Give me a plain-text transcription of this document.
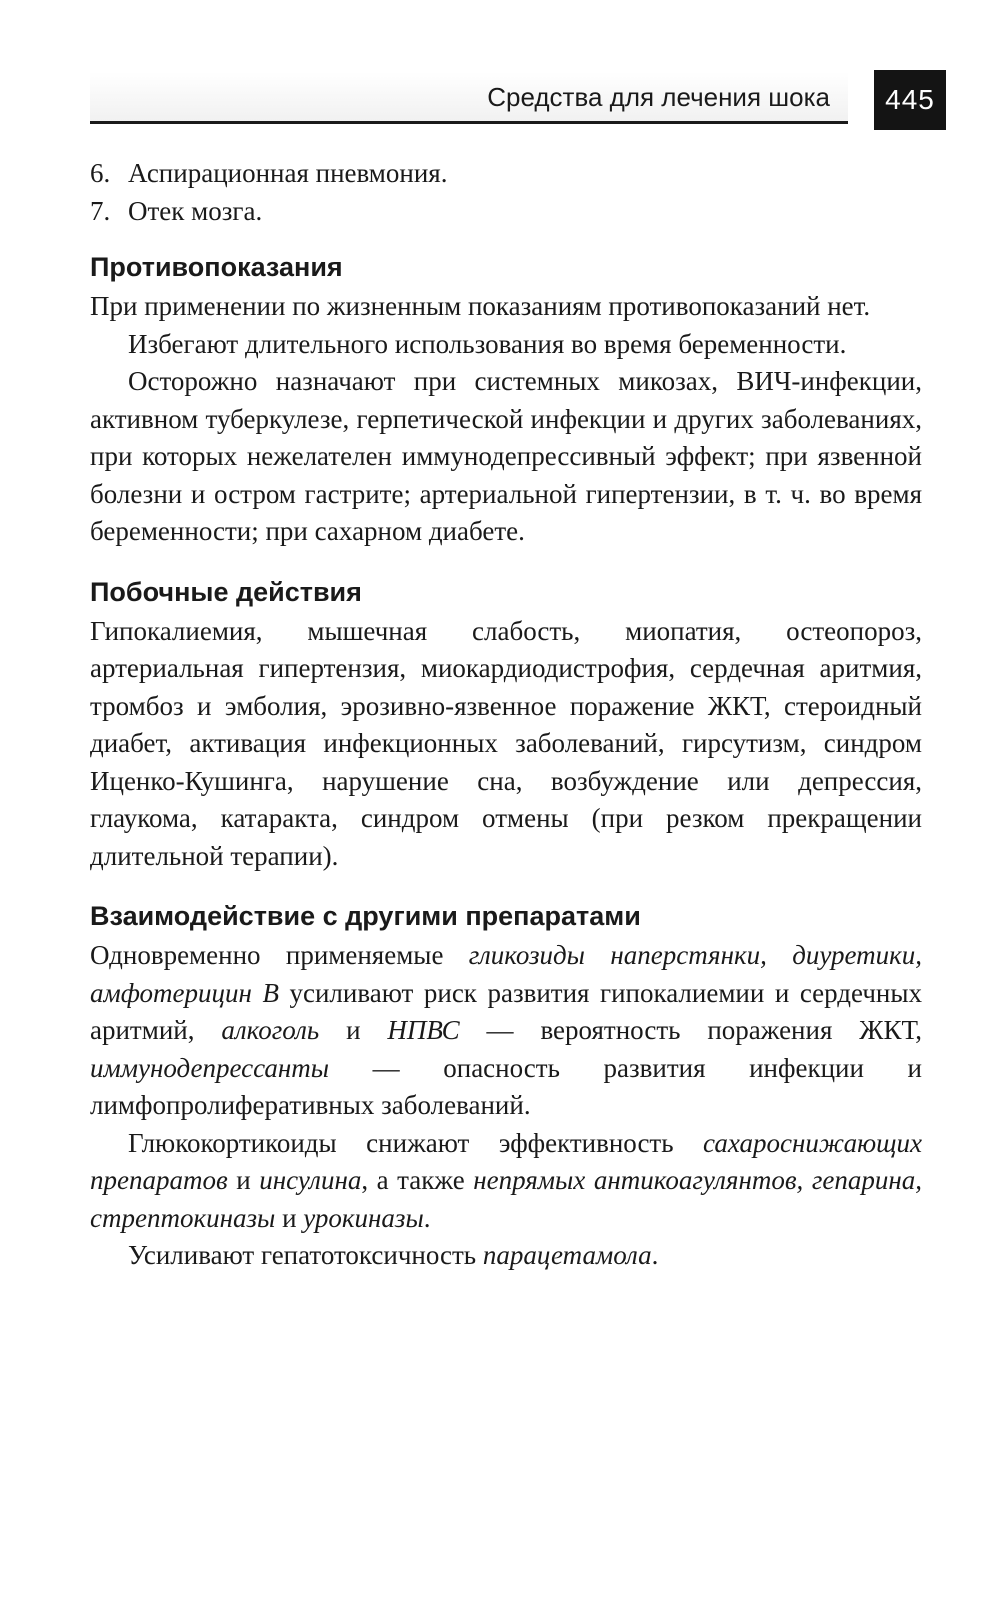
Средства для лечения шока	445

6. Аспирационная пневмония.

7. Отек мозга.

Противопоказания

При применении по жизненным показаниям противопоказаний нет.

Избегают длительного использования во время беременности.

Осторожно назначают при системных микозах, ВИЧ-инфекции, активном туберкулезе, герпетической инфекции и других заболеваниях, при которых нежелателен иммунодепрессивный эффект; при язвенной болезни и остром гастрите; артериальной гипертензии, в т. ч. во время беременности; при сахарном диабете.

Побочные действия

Гипокалиемия, мышечная слабость, миопатия, остеопороз, артериальная гипертензия, миокардиодистрофия, сердечная аритмия, тромбоз и эмболия, эрозивно-язвенное поражение ЖКТ, стероидный диабет, активация инфекционных заболеваний, гирсутизм, синдром Иценко-Кушинга, нарушение сна, возбуждение или депрессия, глаукома, катаракта, синдром отмены (при резком прекращении длительной терапии).

Взаимодействие с другими препаратами

Одновременно применяемые гликозиды наперстянки, диуретики, амфотерицин В усиливают риск развития гипокалиемии и сердечных аритмий, алкоголь и НПВС — вероятность поражения ЖКТ, иммунодепрессанты — опасность развития инфекции и лимфопролиферативных заболеваний.

Глюкокортикоиды снижают эффективность сахароснижающих препаратов и инсулина, а также непрямых антикоагулянтов, гепарина, стрептокиназы и урокиназы.

Усиливают гепатотоксичность парацетамола.
